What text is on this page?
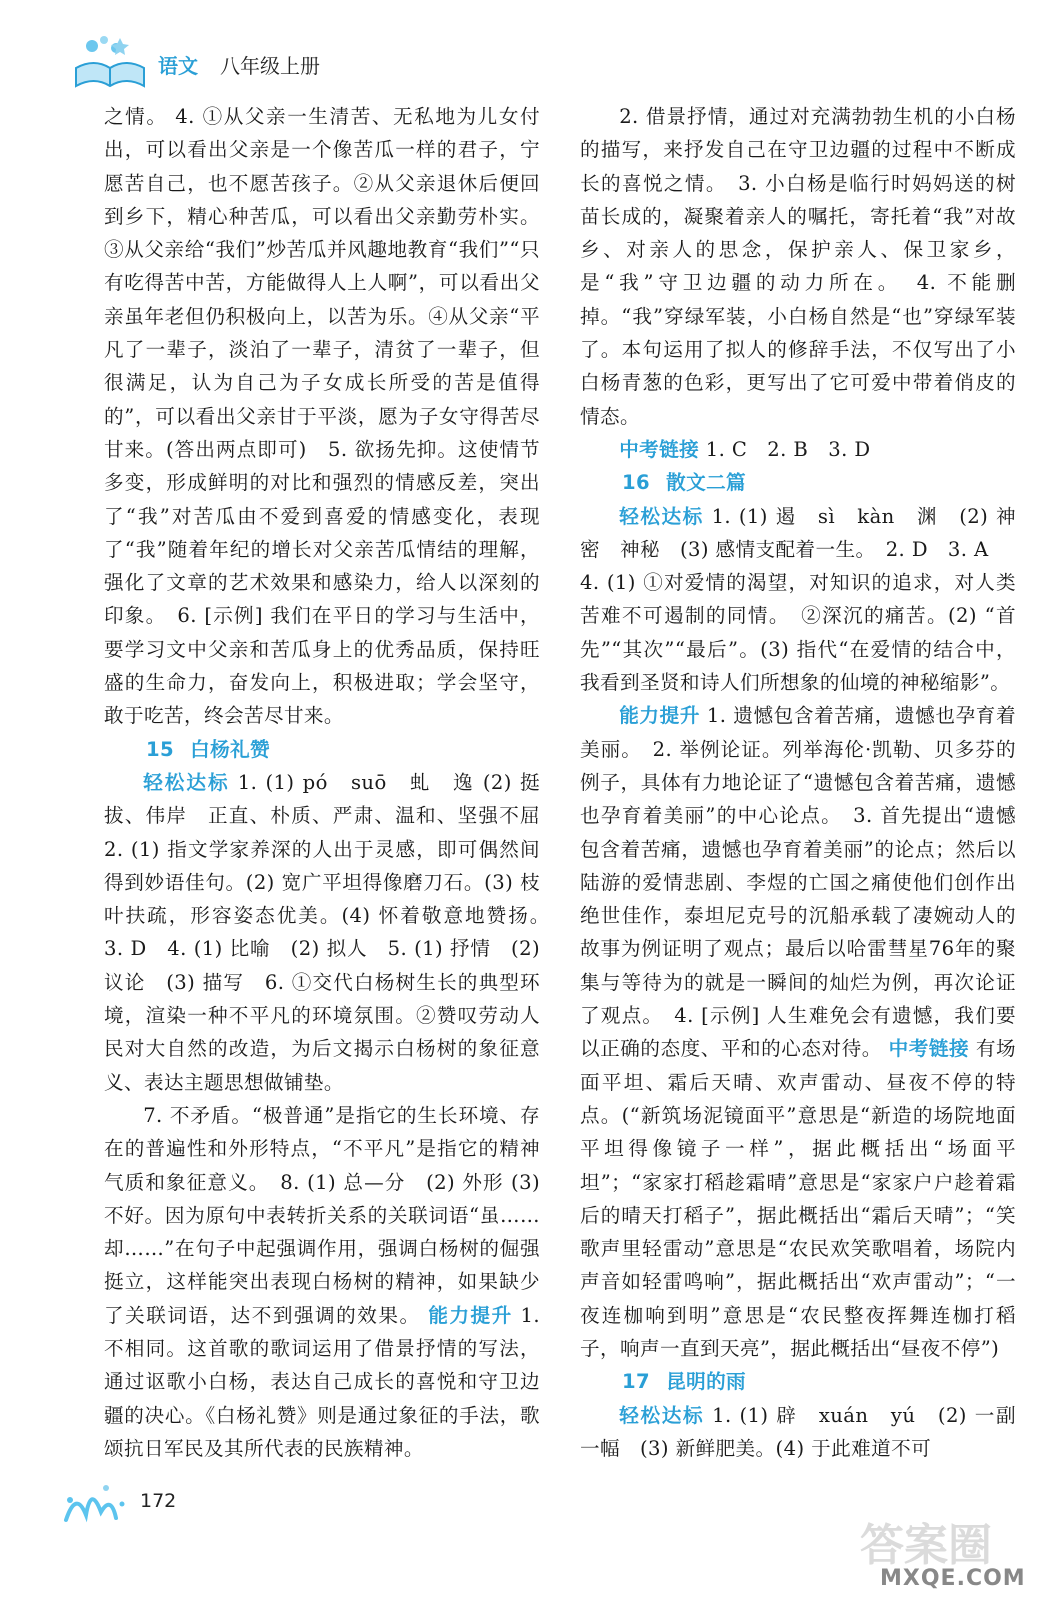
语文 八年级上册

之情。 4. ①从父亲一生清苦、无私地为儿女付出，可以看出父亲是一个像苦瓜一样的君子，宁愿苦自己，也不愿苦孩子。②从父亲退休后便回到乡下，精心种苦瓜，可以看出父亲勤劳朴实。③从父亲给“我们”炒苦瓜并风趣地教育“我们”“只有吃得苦中苦，方能做得人上人啊”，可以看出父亲虽年老但仍积极向上，以苦为乐。④从父亲“平凡了一辈子，淡泊了一辈子，清贫了一辈子，但很满足，认为自己为子女成长所受的苦是值得的”，可以看出父亲甘于平淡，愿为子女守得苦尽甘来。(答出两点即可)　5. 欲扬先抑。这使情节多变，形成鲜明的对比和强烈的情感反差，突出了“我”对苦瓜由不爱到喜爱的情感变化，表现了“我”随着年纪的增长对父亲苦瓜情结的理解，强化了文章的艺术效果和感染力，给人以深刻的印象。　6. [示例] 我们在平日的学习与生活中，要学习文中父亲和苦瓜身上的优秀品质，保持旺盛的生命力，奋发向上，积极进取；学会坚守，敢于吃苦，终会苦尽甘来。

15 白杨礼赞

轻松达标 1. (1) pó　suō　虬　逸 (2) 挺拔、伟岸　正直、朴质、严肃、温和、坚强不屈　2. (1) 指文学家养深的人出于灵感，即可偶然间得到妙语佳句。(2) 宽广平坦得像磨刀石。(3) 枝叶扶疏，形容姿态优美。(4) 怀着敬意地赞扬。　3. D　4. (1) 比喻　(2) 拟人　5. (1) 抒情　(2) 议论　(3) 描写　6. ①交代白杨树生长的典型环境，渲染一种不平凡的环境氛围。②赞叹劳动人民对大自然的改造，为后文揭示白杨树的象征意义、表达主题思想做铺垫。

7. 不矛盾。“极普通”是指它的生长环境、存在的普遍性和外形特点，“不平凡”是指它的精神气质和象征意义。　8. (1) 总—分　(2) 外形 (3) 不好。因为原句中表转折关系的关联词语“虽……却……”在句子中起强调作用，强调白杨树的倔强挺立，这样能突出表现白杨树的精神，如果缺少了关联词语，达不到强调的效果。 能力提升 1. 不相同。这首歌的歌词运用了借景抒情的写法，通过讴歌小白杨，表达自己成长的喜悦和守卫边疆的决心。《白杨礼赞》则是通过象征的手法，歌颂抗日军民及其所代表的民族精神。

2. 借景抒情，通过对充满勃勃生机的小白杨的描写，来抒发自己在守卫边疆的过程中不断成长的喜悦之情。　3. 小白杨是临行时妈妈送的树苗长成的，凝聚着亲人的嘱托，寄托着“我”对故乡、对亲人的思念，保护亲人、保卫家乡，是“我”守卫边疆的动力所在。　4. 不能删掉。“我”穿绿军装，小白杨自然是“也”穿绿军装了。本句运用了拟人的修辞手法，不仅写出了小白杨青葱的色彩，更写出了它可爱中带着俏皮的情态。

中考链接 1. C　2. B　3. D

16 散文二篇

轻松达标 1. (1) 遏　sì　kàn　渊　(2) 神密　神秘　(3) 感情支配着一生。　2. D　3. A

4. (1) ①对爱情的渴望，对知识的追求，对人类苦难不可遏制的同情。　②深沉的痛苦。(2) “首先”“其次”“最后”。(3) 指代“在爱情的结合中，我看到圣贤和诗人们所想象的仙境的神秘缩影”。

能力提升 1. 遗憾包含着苦痛，遗憾也孕育着美丽。　2. 举例论证。列举海伦·凯勒、贝多芬的例子，具体有力地论证了“遗憾包含着苦痛，遗憾也孕育着美丽”的中心论点。　3. 首先提出“遗憾包含着苦痛，遗憾也孕育着美丽”的论点；然后以陆游的爱情悲剧、李煜的亡国之痛使他们创作出绝世佳作，泰坦尼克号的沉船承载了凄婉动人的故事为例证明了观点；最后以哈雷彗星76年的聚集与等待为的就是一瞬间的灿烂为例，再次论证了观点。　4. [示例] 人生难免会有遗憾，我们要以正确的态度、平和的心态对待。 中考链接 有场面平坦、霜后天晴、欢声雷动、昼夜不停的特点。(“新筑场泥镜面平”意思是“新造的场院地面平坦得像镜子一样”，据此概括出“场面平坦”；“家家打稻趁霜晴”意思是“家家户户趁着霜后的晴天打稻子”，据此概括出“霜后天晴”；“笑歌声里轻雷动”意思是“农民欢笑歌唱着，场院内声音如轻雷鸣响”，据此概括出“欢声雷动”；“一夜连枷响到明”意思是“农民整夜挥舞连枷打稻子，响声一直到天亮”，据此概括出“昼夜不停”)

17 昆明的雨

轻松达标 1. (1) 辟　xuán　yú　(2) 一副　一幅　(3) 新鲜肥美。(4) 于此难道不可

172
答案圈
MXQE.COM
